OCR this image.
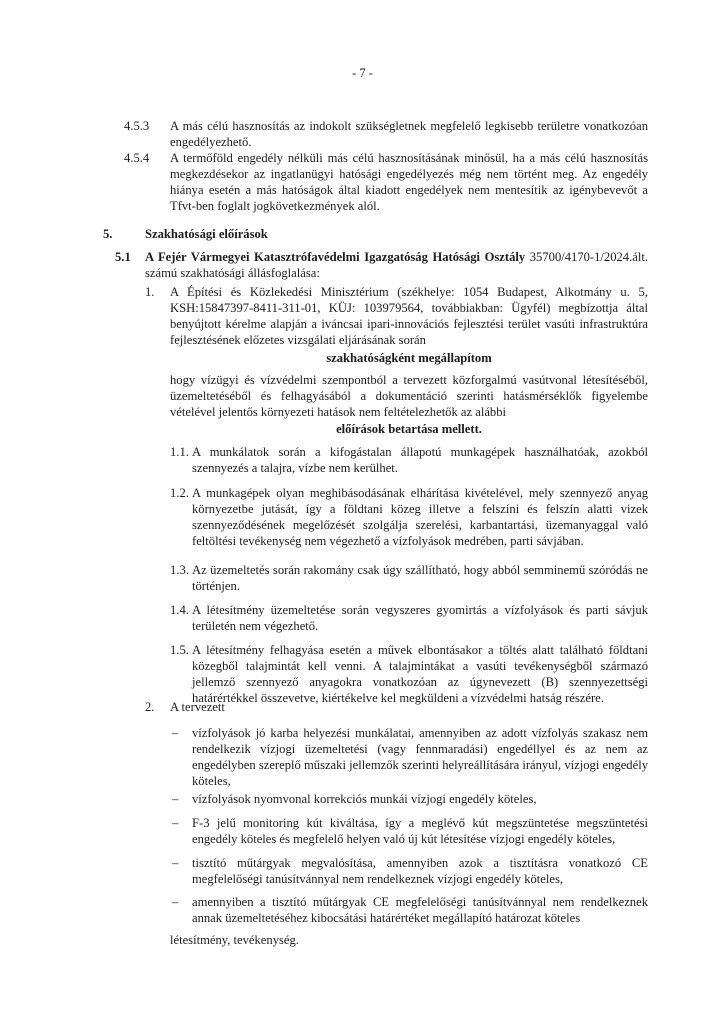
- 7 -
4.5.3 A más célú hasznosítás az indokolt szükségletnek megfelelő legkisebb területre vonatkozóan engedélyezhető.
4.5.4 A termőföld engedély nélküli más célú hasznosításának minősül, ha a más célú hasznosítás megkezdésekor az ingatlanügyi hatósági engedélyezés még nem történt meg. Az engedély hiánya esetén a más hatóságok által kiadott engedélyek nem mentesítik az igénybevevőt a Tfvt-ben foglalt jogkövetkezmények alól.
5.	Szakhatósági előírások
5.1 A Fejér Vármegyei Katasztrófavédelmi Igazgatóság Hatósági Osztály 35700/4170-1/2024.ált. számú szakhatósági állásfoglalása:
1. A Építési és Közlekedési Minisztérium (székhelye: 1054 Budapest, Alkotmány u. 5, KSH:15847397-8411-311-01, KÜJ: 103979564, továbbiakban: Ügyfél) megbízottja által benyújtott kérelme alapján a iváncsai ipari-innovációs fejlesztési terület vasúti infrastruktúra fejlesztésének előzetes vizsgálati eljárásának során
szakhatóságként megállapítom
hogy vízügyi és vízvédelmi szempontból a tervezett közforgalmú vasútvonal létesítéséből, üzemeltetéséből és felhagyásából a dokumentáció szerinti hatásmérséklők figyelembe vételével jelentős környezeti hatások nem feltételezhetők az alábbi
előírások betartása mellett.
1.1. A munkálatok során a kifogástalan állapotú munkagépek használhatóak, azokból szennyezés a talajra, vízbe nem kerülhet.
1.2. A munkagépek olyan meghibásodásának elhárítása kivételével, mely szennyező anyag környezetbe jutását, így a földtani közeg illetve a felszíni és felszín alatti vizek szennyeződésének megelőzését szolgálja szerelési, karbantartási, üzemanyaggal való feltöltési tevékenység nem végezhető a vízfolyások medrében, parti sávjában.
1.3. Az üzemeltetés során rakomány csak úgy szállítható, hogy abból semminemű szóródás ne történjen.
1.4. A létesítmény üzemeltetése során vegyszeres gyomirtás a vízfolyások és parti sávjuk területén nem végezhető.
1.5. A létesítmény felhagyása esetén a művek elbontásakor a töltés alatt található földtani közegből talajmintát kell venni. A talajmintákat a vasúti tevékenységből származó jellemző szennyező anyagokra vonatkozóan az úgynevezett (B) szennyezettségi határértékkel összevetve, kiértékelve kel megküldeni a vízvédelmi hatság részére.
2. A tervezett
– vízfolyások jó karba helyezési munkálatai, amennyiben az adott vízfolyás szakasz nem rendelkezik vízjogi üzemeltetési (vagy fennmaradási) engedéllyel és az nem az engedélyben szereplő műszaki jellemzők szerinti helyreállítására irányul, vízjogi engedély köteles,
– vízfolyások nyomvonal korrekciós munkái vízjogi engedély köteles,
– F-3 jelű monitoring kút kiváltása, így a meglévő kút megszüntetése megszüntetési engedély köteles és megfelelő helyen való új kút létesítése vízjogi engedély köteles,
– tisztító műtárgyak megvalósítása, amennyiben azok a tisztításra vonatkozó CE megfelelőségi tanúsítvánnyal nem rendelkeznek vízjogi engedély köteles,
– amennyiben a tisztító műtárgyak CE megfelelőségi tanúsítvánnyal nem rendelkeznek annak üzemeltetéséhez kibocsátási határértéket megállapító határozat köteles
létesítmény, tevékenység.
